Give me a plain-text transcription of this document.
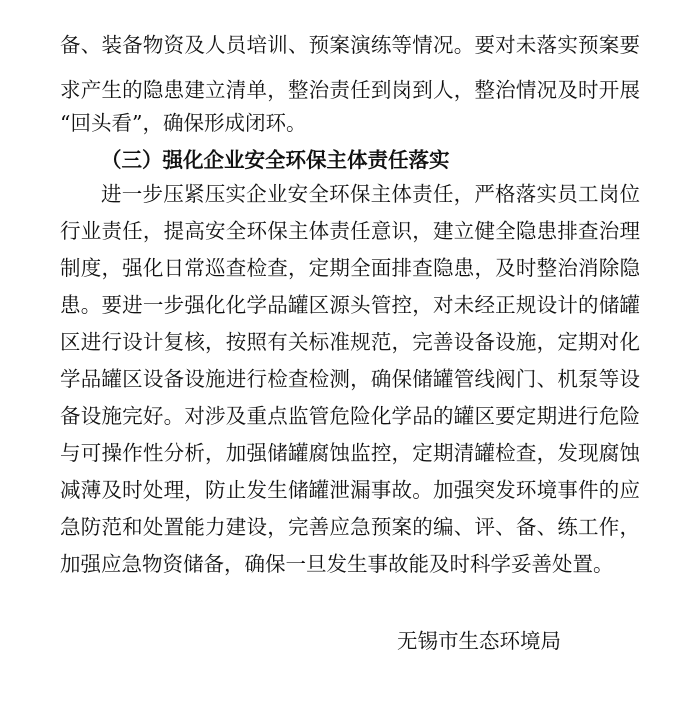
备、装备物资及人员培训、预案演练等情况。要对未落实预案要
求产生的隐患建立清单，整治责任到岗到人，整治情况及时开展
“回头看”，确保形成闭环。
（三）强化企业安全环保主体责任落实
进一步压紧压实企业安全环保主体责任，严格落实员工岗位
行业责任，提高安全环保主体责任意识，建立健全隐患排查治理
制度，强化日常巡查检查，定期全面排查隐患，及时整治消除隐
患。要进一步强化化学品罐区源头管控，对未经正规设计的储罐
区进行设计复核，按照有关标准规范，完善设备设施，定期对化
学品罐区设备设施进行检查检测，确保储罐管线阀门、机泵等设
备设施完好。对涉及重点监管危险化学品的罐区要定期进行危险
与可操作性分析，加强储罐腐蚀监控，定期清罐检查，发现腐蚀
减薄及时处理，防止发生储罐泄漏事故。加强突发环境事件的应
急防范和处置能力建设，完善应急预案的编、评、备、练工作，
加强应急物资储备，确保一旦发生事故能及时科学妥善处置。
无锡市生态环境局
